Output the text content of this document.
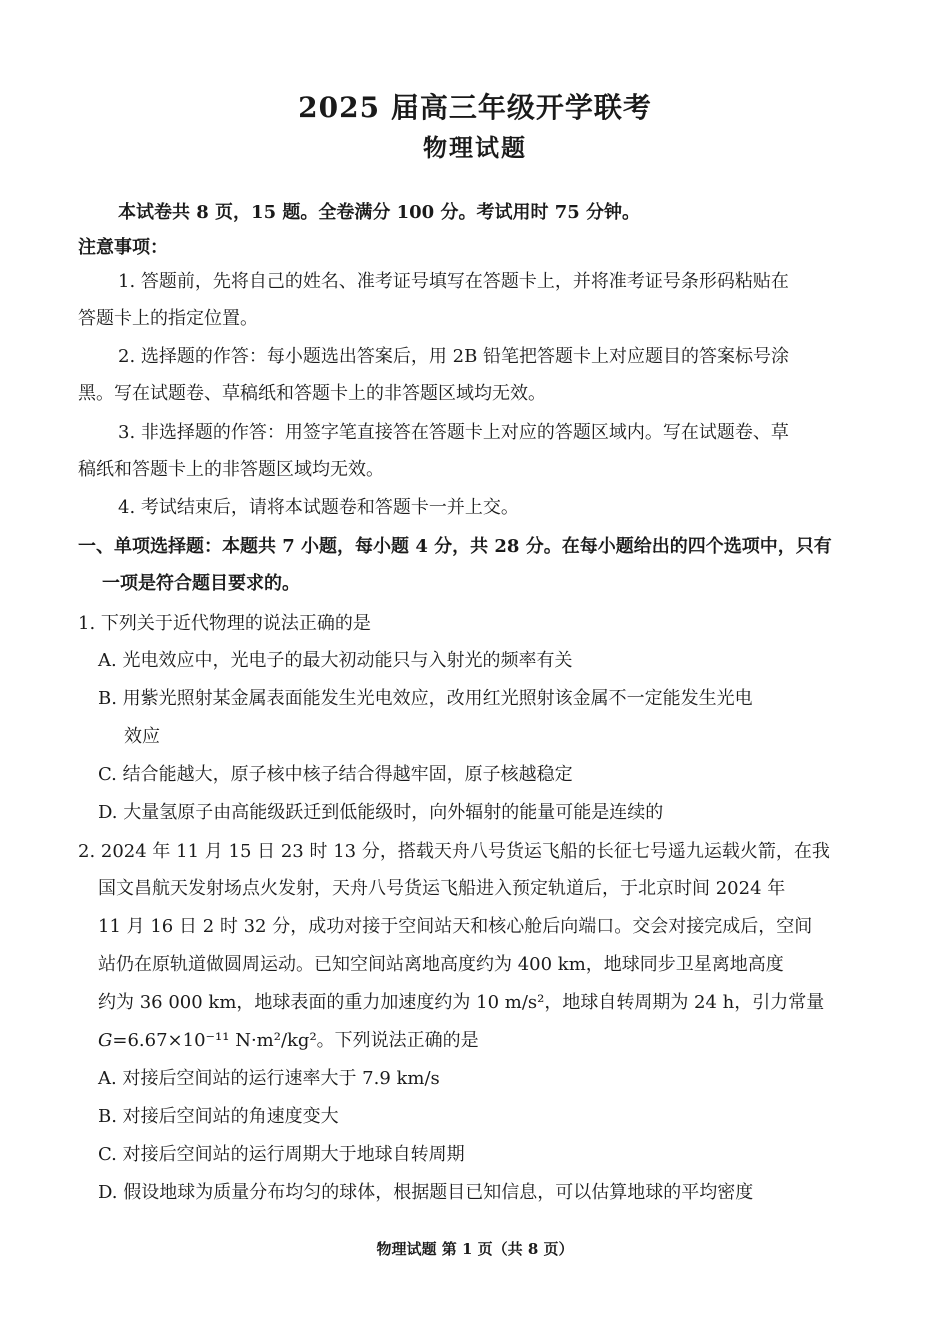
2025 届高三年级开学联考
物理试题
本试卷共 8 页，15 题。全卷满分 100 分。考试用时 75 分钟。
注意事项：
1. 答题前，先将自己的姓名、准考证号填写在答题卡上，并将准考证号条形码粘贴在
答题卡上的指定位置。
2. 选择题的作答：每小题选出答案后，用 2B 铅笔把答题卡上对应题目的答案标号涂
黑。写在试题卷、草稿纸和答题卡上的非答题区域均无效。
3. 非选择题的作答：用签字笔直接答在答题卡上对应的答题区域内。写在试题卷、草
稿纸和答题卡上的非答题区域均无效。
4. 考试结束后，请将本试题卷和答题卡一并上交。
一、单项选择题：本题共 7 小题，每小题 4 分，共 28 分。在每小题给出的四个选项中，只有
一项是符合题目要求的。
1. 下列关于近代物理的说法正确的是
A. 光电效应中，光电子的最大初动能只与入射光的频率有关
B. 用紫光照射某金属表面能发生光电效应，改用红光照射该金属不一定能发生光电
效应
C. 结合能越大，原子核中核子结合得越牢固，原子核越稳定
D. 大量氢原子由高能级跃迁到低能级时，向外辐射的能量可能是连续的
2. 2024 年 11 月 15 日 23 时 13 分，搭载天舟八号货运飞船的长征七号遥九运载火箭，在我
国文昌航天发射场点火发射，天舟八号货运飞船进入预定轨道后，于北京时间 2024 年
11 月 16 日 2 时 32 分，成功对接于空间站天和核心舱后向端口。交会对接完成后，空间
站仍在原轨道做圆周运动。已知空间站离地高度约为 400 km，地球同步卫星离地高度
约为 36 000 km，地球表面的重力加速度约为 10 m/s²，地球自转周期为 24 h，引力常量
G=6.67×10⁻¹¹ N·m²/kg²。下列说法正确的是
A. 对接后空间站的运行速率大于 7.9 km/s
B. 对接后空间站的角速度变大
C. 对接后空间站的运行周期大于地球自转周期
D. 假设地球为质量分布均匀的球体，根据题目已知信息，可以估算地球的平均密度
物理试题 第 1 页（共 8 页）
